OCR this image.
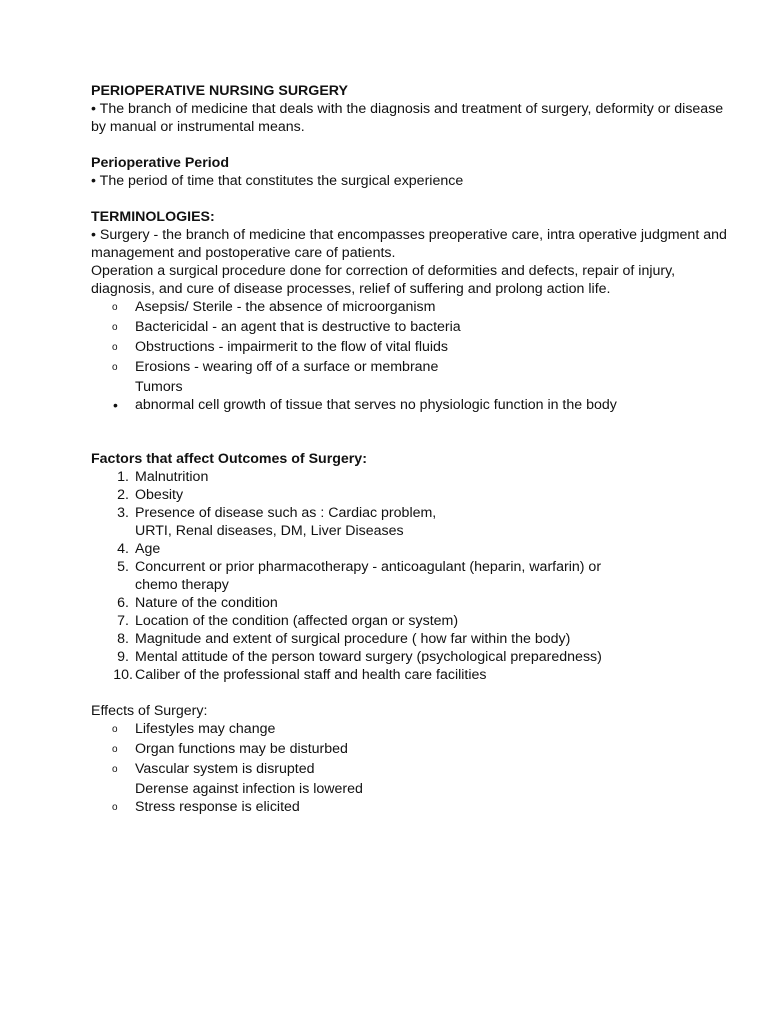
PERIOPERATIVE NURSING SURGERY

• The branch of medicine that deals with the diagnosis and treatment of surgery, deformity or disease by manual or instrumental means.

Perioperative Period

• The period of time that constitutes the surgical experience

TERMINOLOGIES:

• Surgery - the branch of medicine that encompasses preoperative care, intra operative judgment and management and postoperative care of patients.

Operation a surgical procedure done for correction of deformities and defects, repair of injury, diagnosis, and cure of disease processes, relief of suffering and prolong action life.

o	Asepsis/ Sterile - the absence of microorganism
o	Bactericidal - an agent that is destructive to bacteria
o	Obstructions - impairmerit to the flow of vital fluids
o	Erosions - wearing off of a surface or membrane
Tumors
•	abnormal cell growth of tissue that serves no physiologic function in the body

Factors that affect Outcomes of Surgery:

1. Malnutrition
2. Obesity
3. Presence of disease such as : Cardiac problem,
URTI, Renal diseases, DM, Liver Diseases
4. Age
5. Concurrent or prior pharmacotherapy - anticoagulant (heparin, warfarin) or
chemo therapy
6. Nature of the condition
7. Location of the condition (affected organ or system)
8. Magnitude and extent of surgical procedure ( how far within the body)
9. Mental attitude of the person toward surgery (psychological preparedness)
10. Caliber of the professional staff and health care facilities

Effects of Surgery:

o	Lifestyles may change
o	Organ functions may be disturbed
o	Vascular system is disrupted
Derense against infection is lowered
o	Stress response is elicited
